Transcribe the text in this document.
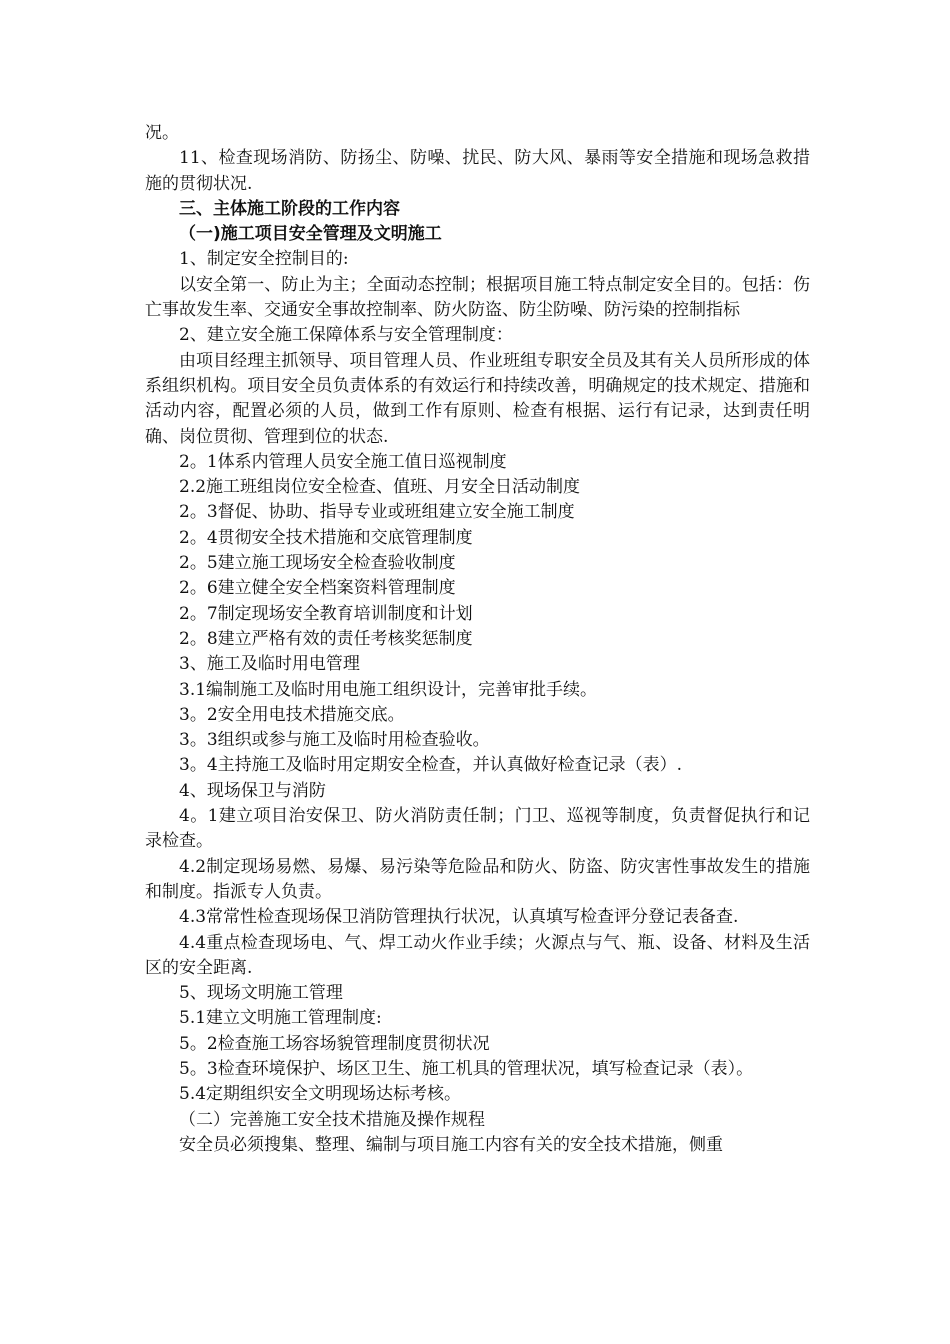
况。

11、检查现场消防、防扬尘、防噪、扰民、防大风、暴雨等安全措施和现场急救措施的贯彻状况.

三、主体施工阶段的工作内容

（一)施工项目安全管理及文明施工

1、制定安全控制目的:

以安全第一、防止为主；全面动态控制；根据项目施工特点制定安全目的。包括：伤亡事故发生率、交通安全事故控制率、防火防盗、防尘防噪、防污染的控制指标

2、建立安全施工保障体系与安全管理制度：

由项目经理主抓领导、项目管理人员、作业班组专职安全员及其有关人员所形成的体系组织机构。项目安全员负责体系的有效运行和持续改善，明确规定的技术规定、措施和活动内容，配置必须的人员，做到工作有原则、检查有根据、运行有记录，达到责任明确、岗位贯彻、管理到位的状态.

2。1体系内管理人员安全施工值日巡视制度

2.2施工班组岗位安全检查、值班、月安全日活动制度

2。3督促、协助、指导专业或班组建立安全施工制度

2。4贯彻安全技术措施和交底管理制度

2。5建立施工现场安全检查验收制度

2。6建立健全安全档案资料管理制度

2。7制定现场安全教育培训制度和计划

2。8建立严格有效的责任考核奖惩制度

3、施工及临时用电管理

3.1编制施工及临时用电施工组织设计，完善审批手续。

3。2安全用电技术措施交底。

3。3组织或参与施工及临时用检查验收。

3。4主持施工及临时用定期安全检查，并认真做好检查记录（表）.

4、现场保卫与消防

4。1建立项目治安保卫、防火消防责任制；门卫、巡视等制度，负责督促执行和记录检查。

4.2制定现场易燃、易爆、易污染等危险品和防火、防盗、防灾害性事故发生的措施和制度。指派专人负责。

4.3常常性检查现场保卫消防管理执行状况，认真填写检查评分登记表备查.

4.4重点检查现场电、气、焊工动火作业手续；火源点与气、瓶、设备、材料及生活区的安全距离.

5、现场文明施工管理

5.1建立文明施工管理制度:

5。2检查施工场容场貌管理制度贯彻状况

5。3检查环境保护、场区卫生、施工机具的管理状况，填写检查记录（表）。

5.4定期组织安全文明现场达标考核。

（二）完善施工安全技术措施及操作规程

安全员必须搜集、整理、编制与项目施工内容有关的安全技术措施，侧重
